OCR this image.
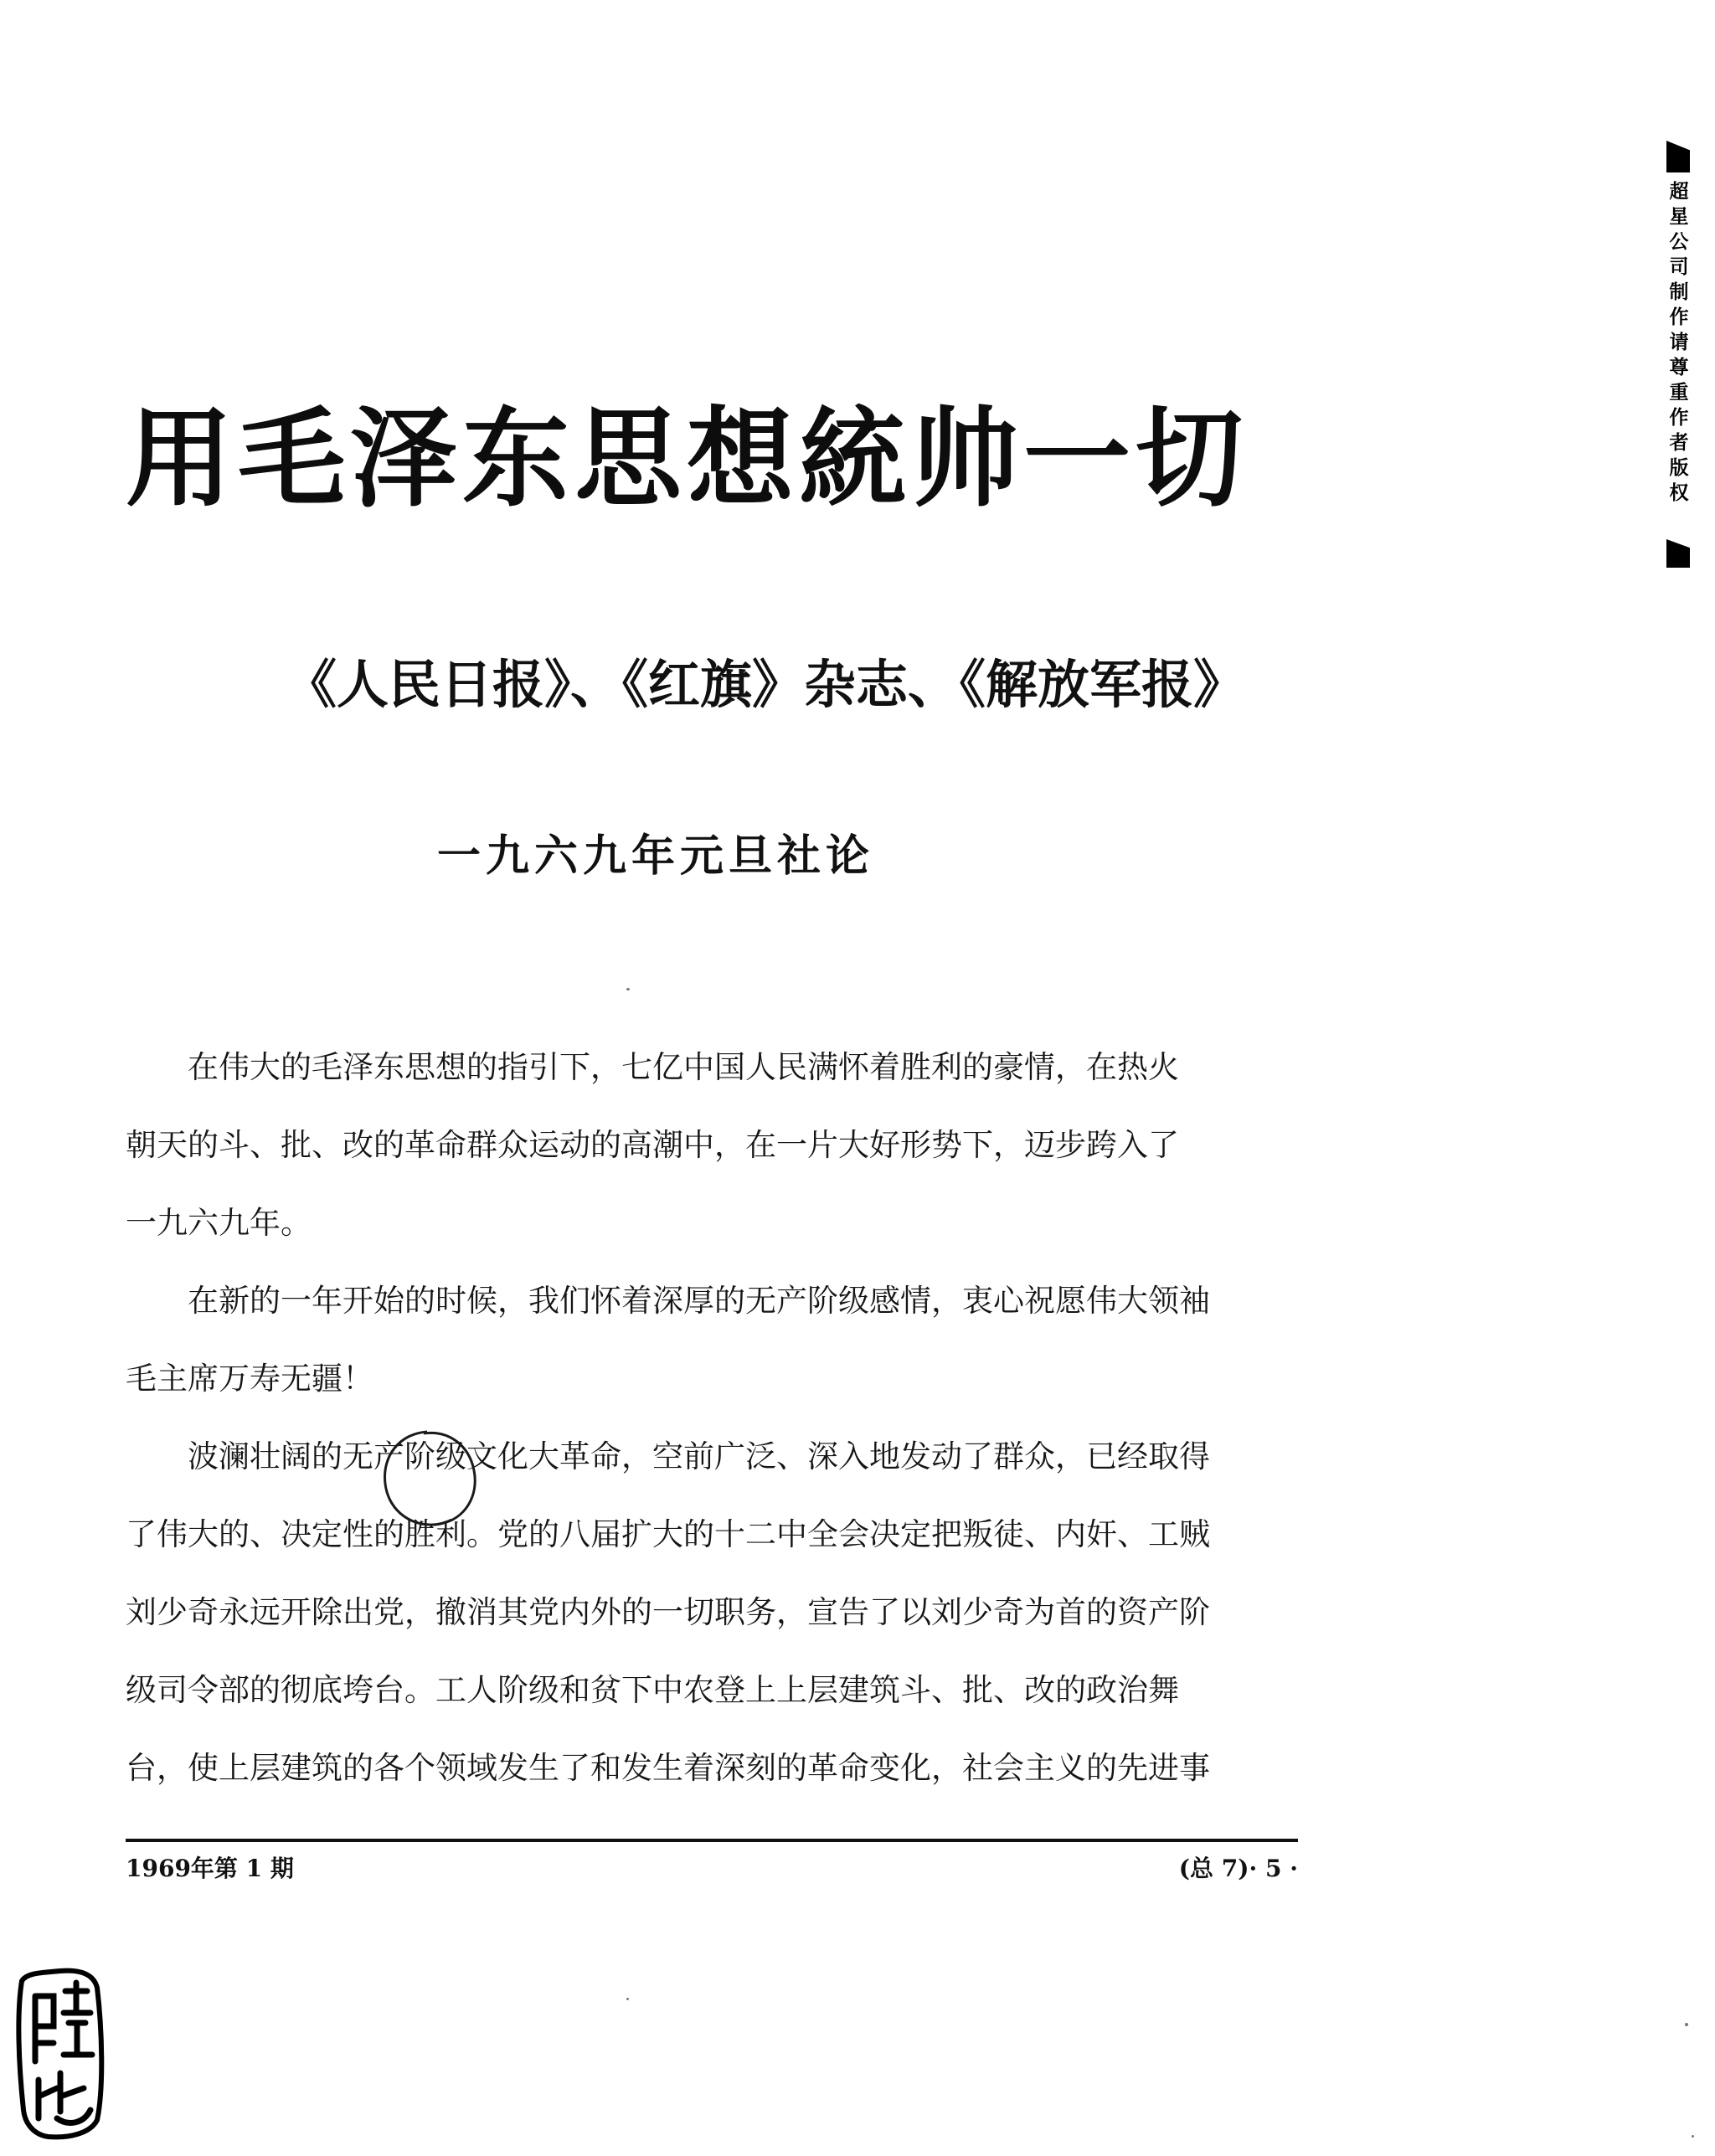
用毛泽东思想統帅一切
《人民日报》、《红旗》杂志、《解放军报》
一九六九年元旦社论

在伟大的毛泽东思想的指引下，七亿中国人民满怀着胜利的豪情，在热火
朝天的斗、批、改的革命群众运动的高潮中，在一片大好形势下，迈步跨入了
一九六九年。

在新的一年开始的时候，我们怀着深厚的无产阶级感情，衷心祝愿伟大领袖
毛主席万寿无疆！

波澜壮阔的无产阶级文化大革命，空前广泛、深入地发动了群众，已经取得
了伟大的、决定性的胜利。党的八届扩大的十二中全会决定把叛徒、内奸、工贼
刘少奇永远开除出党，撤消其党内外的一切职务，宣告了以刘少奇为首的资产阶
级司令部的彻底垮台。工人阶级和贫下中农登上上层建筑斗、批、改的政治舞
台，使上层建筑的各个领域发生了和发生着深刻的革命变化，社会主义的先进事

1969年第 1 期	(总 7)· 5 ·
超星公司制作 请尊重作者版权
